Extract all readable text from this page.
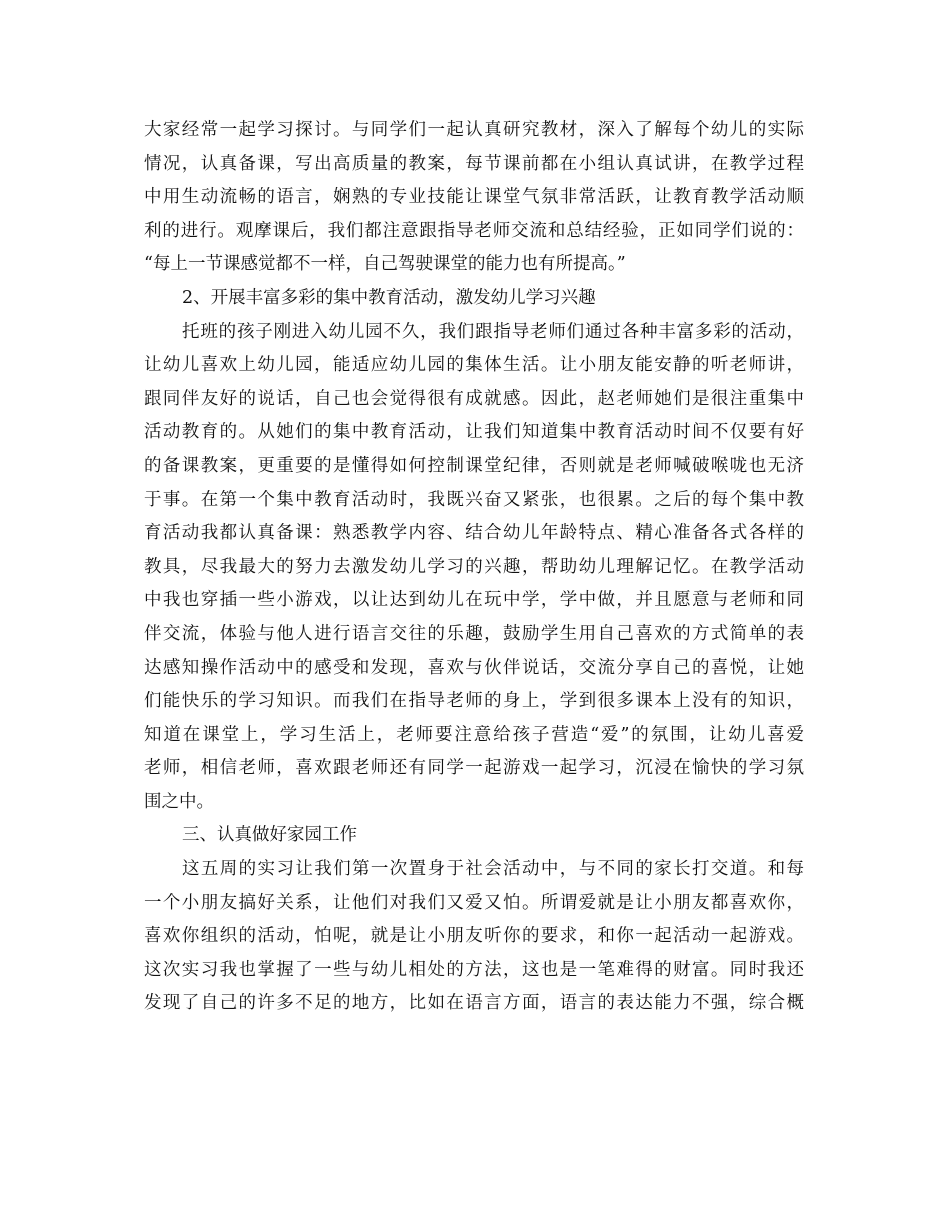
大家经常一起学习探讨。与同学们一起认真研究教材，深入了解每个幼儿的实际
情况，认真备课，写出高质量的教案，每节课前都在小组认真试讲，在教学过程
中用生动流畅的语言，娴熟的专业技能让课堂气氛非常活跃，让教育教学活动顺
利的进行。观摩课后，我们都注意跟指导老师交流和总结经验，正如同学们说的：
“每上一节课感觉都不一样，自己驾驶课堂的能力也有所提高。”
2、开展丰富多彩的集中教育活动，激发幼儿学习兴趣
托班的孩子刚进入幼儿园不久，我们跟指导老师们通过各种丰富多彩的活动，
让幼儿喜欢上幼儿园，能适应幼儿园的集体生活。让小朋友能安静的听老师讲，
跟同伴友好的说话，自己也会觉得很有成就感。因此，赵老师她们是很注重集中
活动教育的。从她们的集中教育活动，让我们知道集中教育活动时间不仅要有好
的备课教案，更重要的是懂得如何控制课堂纪律，否则就是老师喊破喉咙也无济
于事。在第一个集中教育活动时，我既兴奋又紧张，也很累。之后的每个集中教
育活动我都认真备课：熟悉教学内容、结合幼儿年龄特点、精心准备各式各样的
教具，尽我最大的努力去激发幼儿学习的兴趣，帮助幼儿理解记忆。在教学活动
中我也穿插一些小游戏，以让达到幼儿在玩中学，学中做，并且愿意与老师和同
伴交流，体验与他人进行语言交往的乐趣，鼓励学生用自己喜欢的方式简单的表
达感知操作活动中的感受和发现，喜欢与伙伴说话，交流分享自己的喜悦，让她
们能快乐的学习知识。而我们在指导老师的身上，学到很多课本上没有的知识，
知道在课堂上，学习生活上，老师要注意给孩子营造“爱”的氛围，让幼儿喜爱
老师，相信老师，喜欢跟老师还有同学一起游戏一起学习，沉浸在愉快的学习氛
围之中。
三、认真做好家园工作
这五周的实习让我们第一次置身于社会活动中，与不同的家长打交道。和每
一个小朋友搞好关系，让他们对我们又爱又怕。所谓爱就是让小朋友都喜欢你，
喜欢你组织的活动，怕呢，就是让小朋友听你的要求，和你一起活动一起游戏。
这次实习我也掌握了一些与幼儿相处的方法，这也是一笔难得的财富。同时我还
发现了自己的许多不足的地方，比如在语言方面，语言的表达能力不强，综合概
